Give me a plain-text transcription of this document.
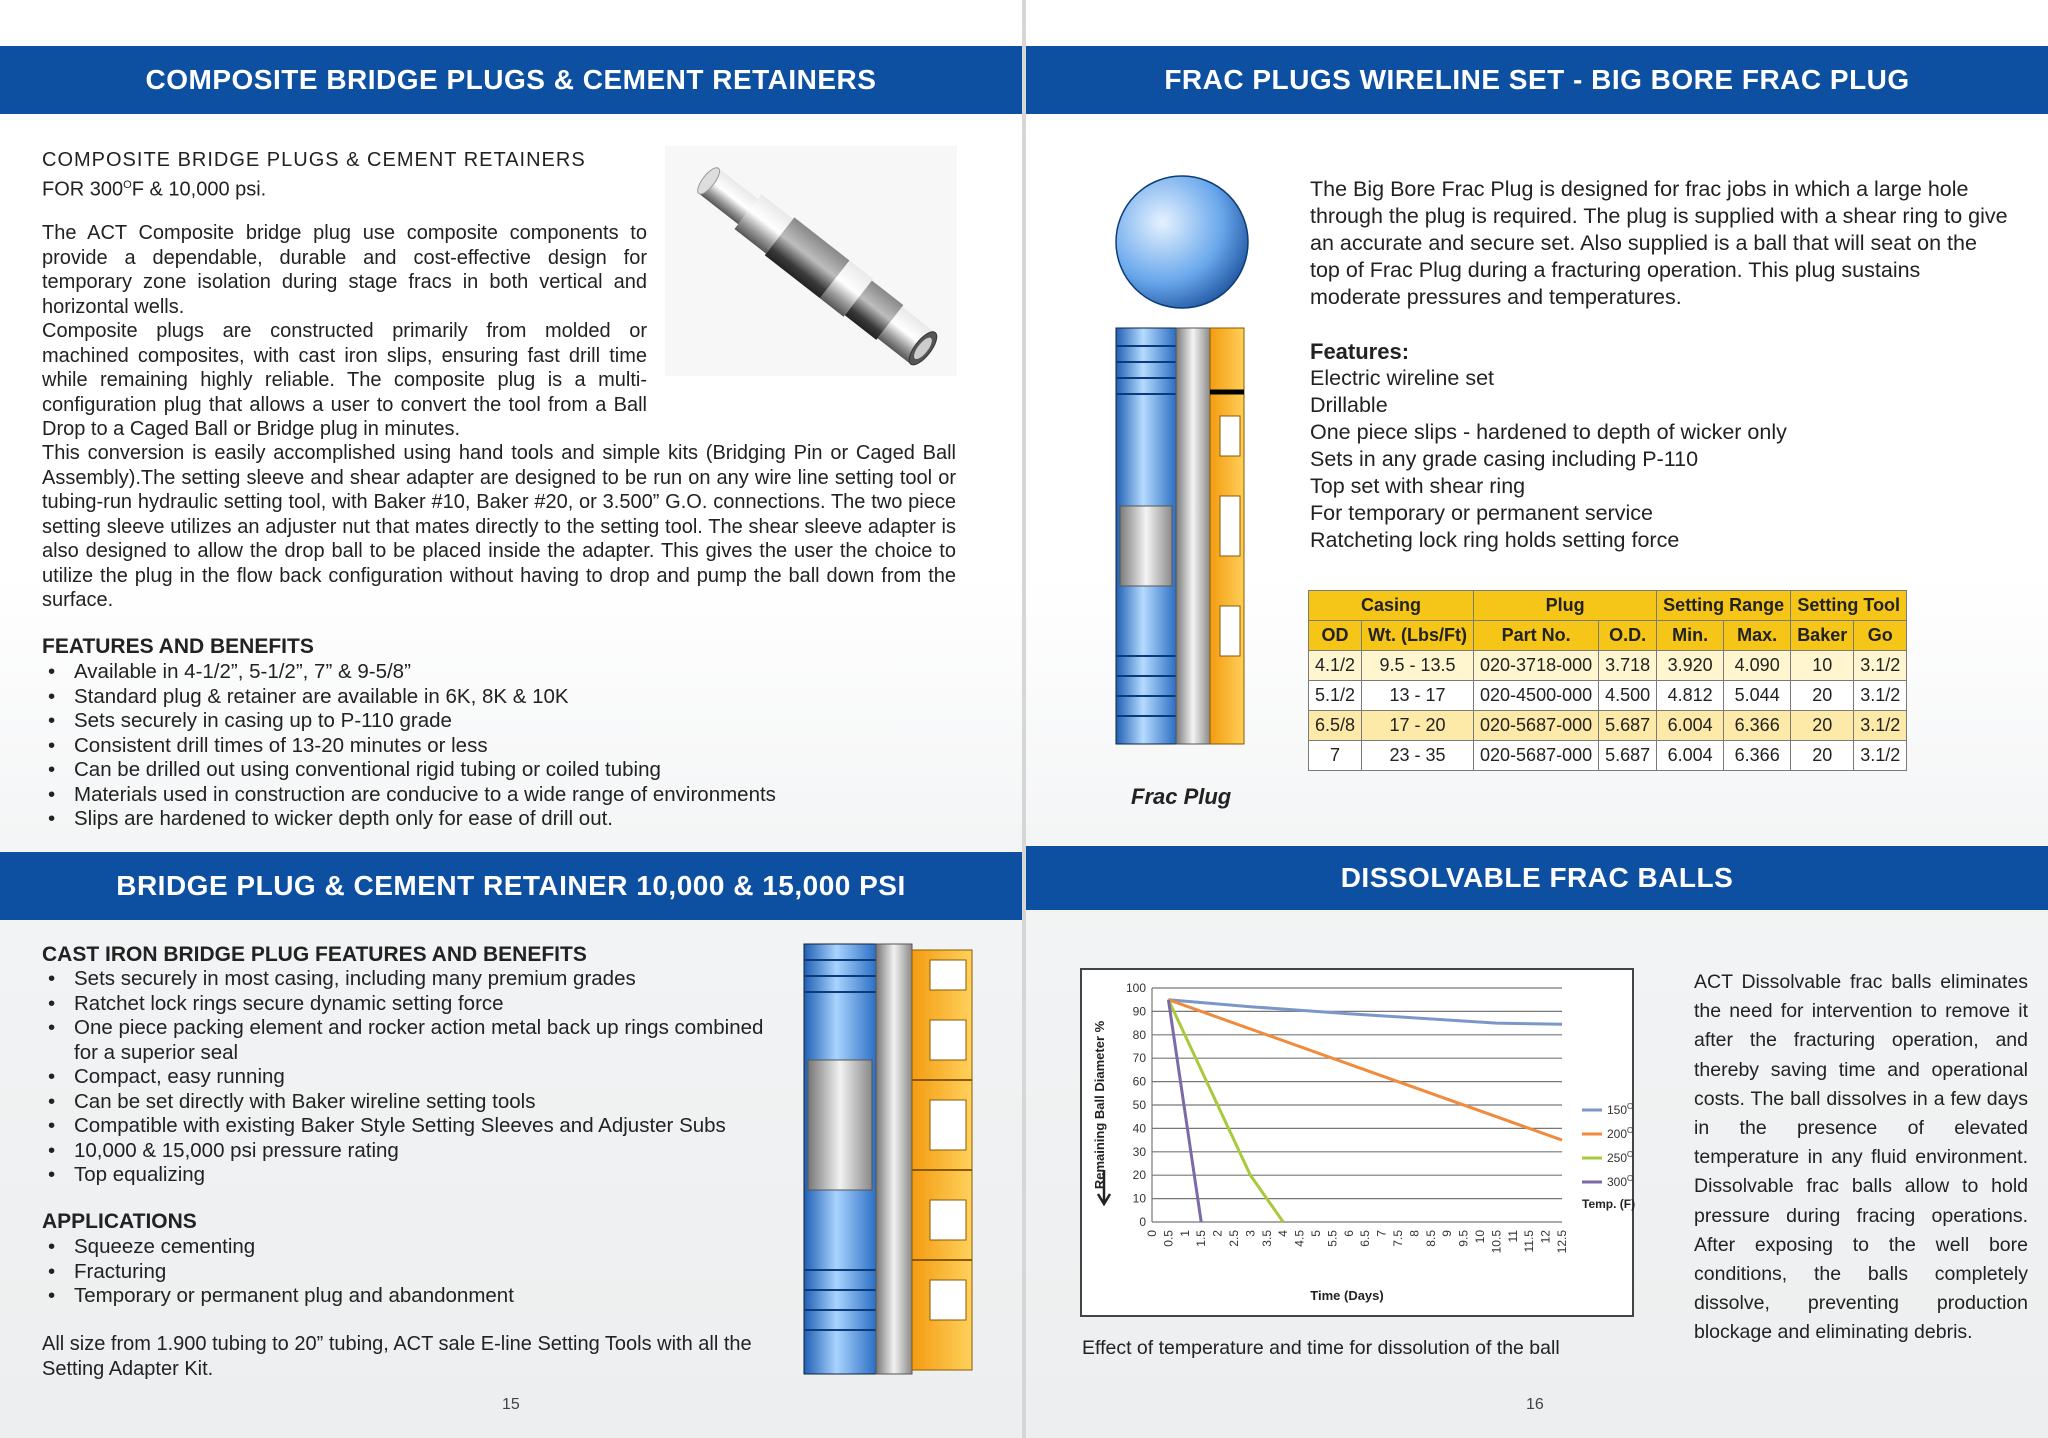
COMPOSITE BRIDGE PLUGS & CEMENT RETAINERS
COMPOSITE BRIDGE PLUGS & CEMENT RETAINERS
FOR $300^OF$ & 10,000 psi.
The ACT Composite bridge plug use composite components to provide a dependable, durable and cost-effective design for temporary zone isolation during stage fracs in both vertical and horizontal wells.
Composite plugs are constructed primarily from molded or machined composites, with cast iron slips, ensuring fast drill time while remaining highly reliable. The composite plug is a multi-configuration plug that allows a user to convert the tool from a Ball Drop to a Caged Ball or Bridge plug in minutes.
This conversion is easily accomplished using hand tools and simple kits (Bridging Pin or Caged Ball Assembly).The setting sleeve and shear adapter are designed to be run on any wire line setting tool or tubing-run hydraulic setting tool, with Baker #10, Baker #20, or 3.500” G.O. connections. The two piece setting sleeve utilizes an adjuster nut that mates directly to the setting tool. The shear sleeve adapter is also designed to allow the drop ball to be placed inside the adapter. This gives the user the choice to utilize the plug in the flow back configuration without having to drop and pump the ball down from the surface.
FEATURES AND BENEFITS
• Available in 4-1/2”, 5-1/2”, 7” & 9-5/8”
• Standard plug & retainer are available in 6K, 8K & 10K
• Sets securely in casing up to P-110 grade
• Consistent drill times of 13-20 minutes or less
• Can be drilled out using conventional rigid tubing or coiled tubing
• Materials used in construction are conducive to a wide range of environments
• Slips are hardened to wicker depth only for ease of drill out.
BRIDGE PLUG & CEMENT RETAINER 10,000 & 15,000 PSI
CAST IRON BRIDGE PLUG FEATURES AND BENEFITS
• Sets securely in most casing, including many premium grades
• Ratchet lock rings secure dynamic setting force
• One piece packing element and rocker action metal back up rings combined for a superior seal
• Compact, easy running
• Can be set directly with Baker wireline setting tools
• Compatible with existing Baker Style Setting Sleeves and Adjuster Subs
• 10,000 & 15,000 psi pressure rating
• Top equalizing
APPLICATIONS
• Squeeze cementing
• Fracturing
• Temporary or permanent plug and abandonment
All size from 1.900 tubing to 20” tubing, ACT sale E-line Setting Tools with all the Setting Adapter Kit.
15
FRAC PLUGS WIRELINE SET - BIG BORE FRAC PLUG
Frac Plug
The Big Bore Frac Plug is designed for frac jobs in which a large hole through the plug is required. The plug is supplied with a shear ring to give an accurate and secure set. Also supplied is a ball that will seat on the top of Frac Plug during a fracturing operation. This plug sustains moderate pressures and temperatures.
Features:
Electric wireline set
Drillable
One piece slips - hardened to depth of wicker only
Sets in any grade casing including P-110
Top set with shear ring
For temporary or permanent service
Ratcheting lock ring holds setting force
Casing		Plug		Setting Range		Setting Tool	
OD	Wt. (Lbs/Ft)	Part No.	O.D.	Min.	Max.	Baker	Go
4.1/2	9.5 - 13.5	020-3718-000	3.718	3.920	4.090	10	3.1/2
5.1/2	13 - 17	020-4500-000	4.500	4.812	5.044	20	3.1/2
6.5/8	17 - 20	020-5687-000	5.687	6.004	6.366	20	3.1/2
7	23 - 35	020-5687-000	5.687	6.004	6.366	20	3.1/2
DISSOLVABLE FRAC BALLS
ACT Dissolvable frac balls eliminates the need for intervention to remove it after the fracturing operation, and thereby saving time and operational costs. The ball dissolves in a few days in the presence of elevated temperature in any fluid environment. Dissolvable frac balls allow to hold pressure during fracing operations. After exposing to the well bore conditions, the balls completely dissolve, preventing production blockage and eliminating debris.
Effect of temperature and time for dissolution of the ball
16
0
10
20
30
40
50
60
70
80
90
100
0 0.5 1 1.5 2 2.5 3 3.5 4 4.5 5 5.5 6 6.5 7 7.5 8 8.5 9 9.5 10 10.5 11 11.5 12 12.5
Remaining Ball Diameter %
Time (Days)
$150^O$
$200^O$
$250^O$
$300^O$
Temp. (F)
